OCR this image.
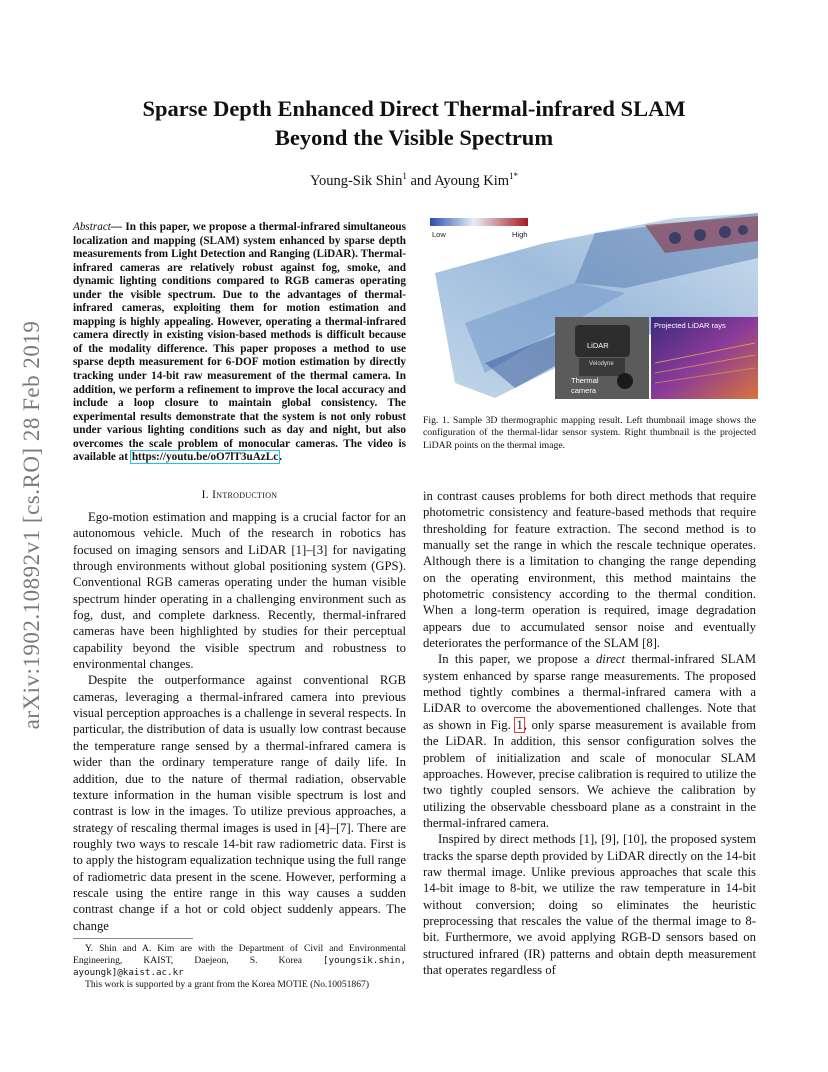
arXiv:1902.10892v1 [cs.RO] 28 Feb 2019
Sparse Depth Enhanced Direct Thermal-infrared SLAM
Beyond the Visible Spectrum
Young-Sik Shin$^1$ and Ayoung Kim$^{1*}$
Abstract— In this paper, we propose a thermal-infrared simultaneous localization and mapping (SLAM) system enhanced by sparse depth measurements from Light Detection and Ranging (LiDAR). Thermal-infrared cameras are relatively robust against fog, smoke, and dynamic lighting conditions compared to RGB cameras operating under the visible spectrum. Due to the advantages of thermal-infrared cameras, exploiting them for motion estimation and mapping is highly appealing. However, operating a thermal-infrared camera directly in existing vision-based methods is difficult because of the modality difference. This paper proposes a method to use sparse depth measurement for 6-DOF motion estimation by directly tracking under 14-bit raw measurement of the thermal camera. In addition, we perform a refinement to improve the local accuracy and include a loop closure to maintain global consistency. The experimental results demonstrate that the system is not only robust under various lighting conditions such as day and night, but also overcomes the scale problem of monocular cameras. The video is available at https://youtu.be/oO7lT3uAzLc.
I. Introduction

Ego-motion estimation and mapping is a crucial factor for an autonomous vehicle. Much of the research in robotics has focused on imaging sensors and LiDAR [1]–[3] for navigating through environments without global positioning system (GPS). Conventional RGB cameras operating under the human visible spectrum hinder operating in a challenging environment such as fog, dust, and complete darkness. Recently, thermal-infrared cameras have been highlighted by studies for their perceptual capability beyond the visible spectrum and robustness to environmental changes.

Despite the outperformance against conventional RGB cameras, leveraging a thermal-infrared camera into previous visual perception approaches is a challenge in several respects. In particular, the distribution of data is usually low contrast because the temperature range sensed by a thermal-infrared camera is wider than the ordinary temperature range of daily life. In addition, due to the nature of thermal radiation, observable texture information in the human visible spectrum is lost and contrast is low in the images. To utilize previous approaches, a strategy of rescaling thermal images is used in [4]–[7]. There are roughly two ways to rescale 14-bit raw radiometric data. First is to apply the histogram equalization technique using the full range of radiometric data present in the scene. However, performing a rescale using the entire range in this way causes a sudden contrast change if a hot or cold object suddenly appears. The change

Low	High
LiDAR
Velodyne
Thermal
camera
Projected LiDAR rays
Fig. 1. Sample 3D thermographic mapping result. Left thumbnail image shows the configuration of the thermal-lidar sensor system. Right thumbnail is the projected LiDAR points on the thermal image.

in contrast causes problems for both direct methods that require photometric consistency and feature-based methods that require thresholding for feature extraction. The second method is to manually set the range in which the rescale technique operates. Although there is a limitation to changing the range depending on the operating environment, this method maintains the photometric consistency according to the thermal condition. When a long-term operation is required, image degradation appears due to accumulated sensor noise and eventually deteriorates the performance of the SLAM [8].

In this paper, we propose a direct thermal-infrared SLAM system enhanced by sparse range measurements. The proposed method tightly combines a thermal-infrared camera with a LiDAR to overcome the abovementioned challenges. Note that as shown in Fig. 1, only sparse measurement is available from the LiDAR. In addition, this sensor configuration solves the problem of initialization and scale of monocular SLAM approaches. However, precise calibration is required to utilize the two tightly coupled sensors. We achieve the calibration by utilizing the observable chessboard plane as a constraint in the thermal-infrared camera.

Inspired by direct methods [1], [9], [10], the proposed system tracks the sparse depth provided by LiDAR directly on the 14-bit raw thermal image. Unlike previous approaches that scale this 14-bit image to 8-bit, we utilize the raw temperature in 14-bit without conversion; doing so eliminates the heuristic preprocessing that rescales the value of the thermal image to 8-bit. Furthermore, we avoid applying RGB-D sensors based on structured infrared (IR) patterns and obtain depth measurement that operates regardless of

Y. Shin and A. Kim are with the Department of Civil and Environmental Engineering, KAIST, Daejeon, S. Korea [youngsik.shin, ayoungk]@kaist.ac.kr
This work is supported by a grant from the Korea MOTIE (No.10051867)
